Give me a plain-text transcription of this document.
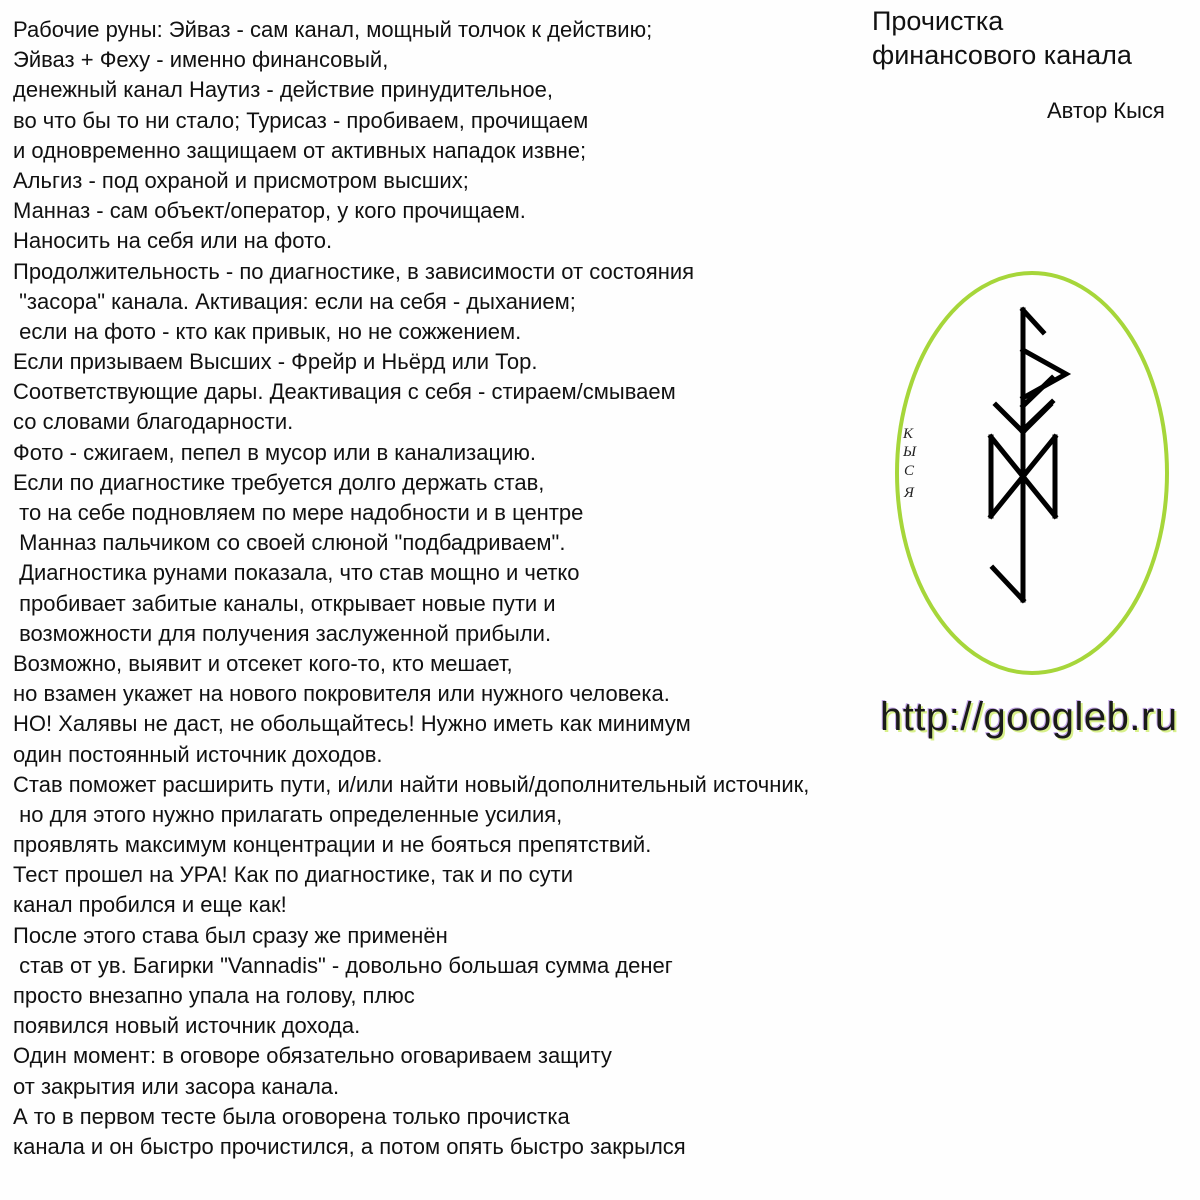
Рабочие руны: Эйваз - сам канал, мощный толчок к действию;
Эйваз + Феху - именно финансовый,
денежный канал Наутиз - действие принудительное,
во что бы то ни стало; Турисаз - пробиваем, прочищаем
и одновременно защищаем от активных нападок извне;
Альгиз - под охраной и присмотром высших;
Манназ - сам объект/оператор, у кого прочищаем.
Наносить на себя или на фото.
Продолжительность - по диагностике, в зависимости от состояния
"засора" канала. Активация: если на себя - дыханием;
если на фото - кто как привык, но не сожжением.
Если призываем Высших - Фрейр и Ньёрд или Тор.
Соответствующие дары. Деактивация с себя - стираем/смываем
со словами благодарности.
Фото - сжигаем, пепел в мусор или в канализацию.
Если по диагностике требуется долго держать став,
то на себе подновляем по мере надобности и в центре
Манназ пальчиком со своей слюной "подбадриваем".
Диагностика рунами показала, что став мощно и четко
пробивает забитые каналы, открывает новые пути и
возможности для получения заслуженной прибыли.
Возможно, выявит и отсекет кого-то, кто мешает,
но взамен укажет на нового покровителя или нужного человека.
НО! Халявы не даст, не обольщайтесь! Нужно иметь как минимум
один постоянный источник доходов.
Став поможет расширить пути, и/или найти новый/дополнительный источник,
но для этого нужно прилагать определенные усилия,
проявлять максимум концентрации и не бояться препятствий.
Тест прошел на УРА! Как по диагностике, так и по сути
канал пробился и еще как!
После этого става был сразу же применён
став от ув. Багирки "Vannadis" - довольно большая сумма денег
просто внезапно упала на голову, плюс
появился новый источник дохода.
Один момент: в оговоре обязательно оговариваем защиту
от закрытия или засора канала.
А то в первом тесте была оговорена только прочистка
канала и он быстро прочистился, а потом опять быстро закрылся
Прочистка
финансового канала
Автор Кыся
К
Ы
С
Я
http://googleb.ru
